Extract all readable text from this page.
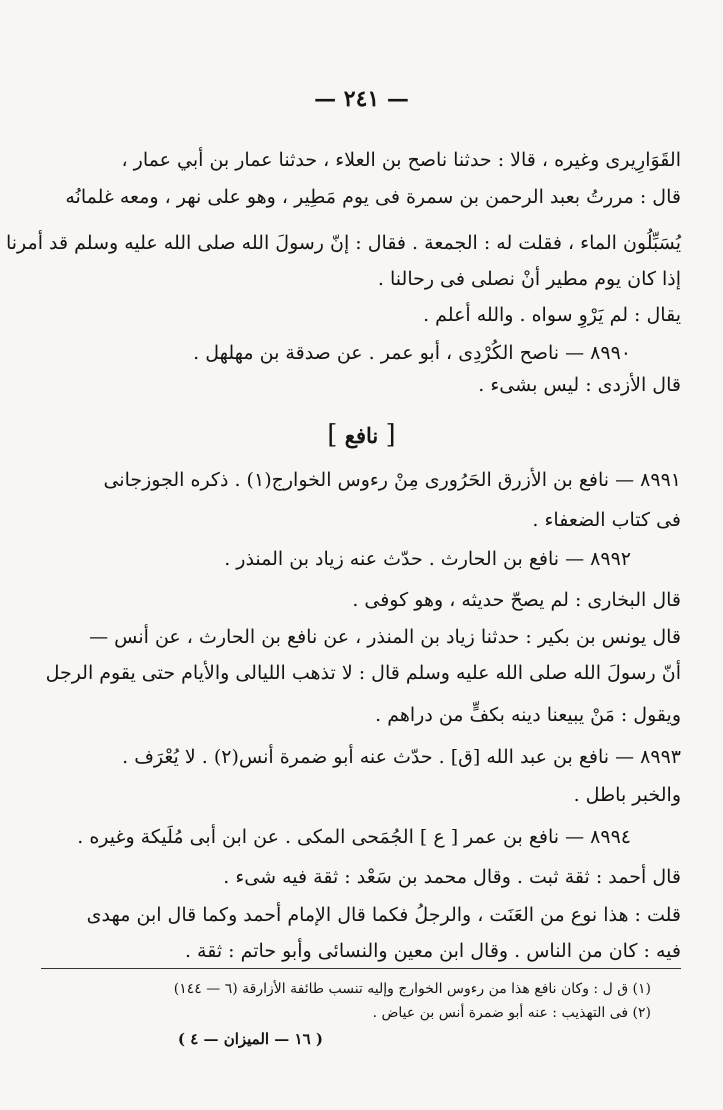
— ٢٤١ —
القَوَارِيرى وغيره ، قالا : حدثنا ناصح بن العلاء ، حدثنا عمار بن أبي عمار ،
قال : مررتُ بعبد الرحمن بن سمرة فى يوم مَطِير ، وهو على نهر ، ومعه غلمانُه
يُسَبِّلُون الماء ، فقلت له : الجمعة . فقال : إنّ رسولَ الله صلى الله عليه وسلم قد أمرنا
إذا كان يوم مطير أنْ نصلى فى رحالنا .
يقال : لم يَرْوِ سواه . والله أعلم .
٨٩٩٠ — ناصح الكُرْدِى ، أبو عمر . عن صدقة بن مهلهل .
قال الأزدى : ليس بشىء .
[ نافع ]
٨٩٩١ — نافع بن الأزرق الحَرُورى مِنْ رءوس الخوارج(١) . ذكره الجوزجانى
فى كتاب الضعفاء .
٨٩٩٢ — نافع بن الحارث . حدّث عنه زياد بن المنذر .
قال البخارى : لم يصحّ حديثه ، وهو كوفى .
قال يونس بن بكير : حدثنا زياد بن المنذر ، عن نافع بن الحارث ، عن أنس —
أنّ رسولَ الله صلى الله عليه وسلم قال : لا تذهب الليالى والأيام حتى يقوم الرجل
ويقول : مَنْ يبيعنا دينه بكفٍّ من دراهم .
٨٩٩٣ — نافع بن عبد الله [ق] . حدّث عنه أبو ضمرة أنس(٢) . لا يُعْرَف .
والخبر باطل .
٨٩٩٤ — نافع بن عمر [ ع ] الجُمَحى المكى . عن ابن أبى مُلَيكة وغيره .
قال أحمد : ثقة ثبت . وقال محمد بن سَعْد : ثقة فيه شىء .
قلت : هذا نوع من العَنَت ، والرجلُ فكما قال الإمام أحمد وكما قال ابن مهدى
فيه : كان من الناس . وقال ابن معين والنسائى وأبو حاتم : ثقة .
(١) ق ل : وكان نافع هذا من رءوس الخوارج وإليه تنسب طائفة الأزارقة (٦ — ١٤٤)
(٢) فى التهذيب : عنه أبو ضمرة أنس بن عياض .
( ١٦ — الميزان — ٤ )
